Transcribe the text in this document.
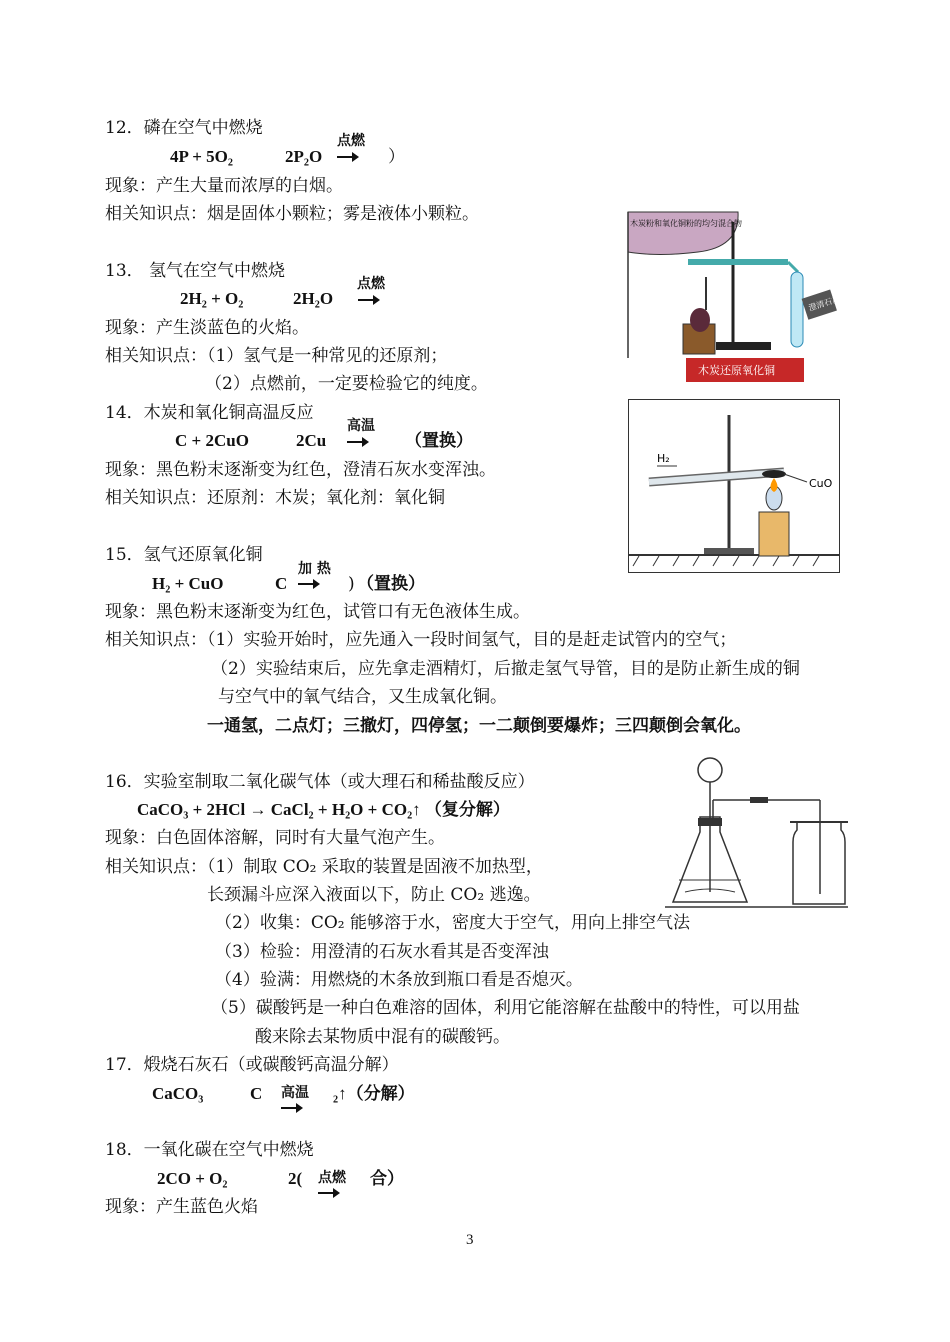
12．磷在空气中燃烧
4P + 5O₂	2P₂O
点燃
）
现象：产生大量而浓厚的白烟。
相关知识点：烟是固体小颗粒；雾是液体小颗粒。
13． 氢气在空气中燃烧
2H₂ + O₂	2H₂O
点燃
现象：产生淡蓝色的火焰。
相关知识点：（1）氢气是一种常见的还原剂；
（2）点燃前，一定要检验它的纯度。
14．木炭和氧化铜高温反应
C + 2CuO	2Cu
高温
（置换）
现象：黑色粉末逐渐变为红色，澄清石灰水变浑浊。
相关知识点：还原剂：木炭；氧化剂：氧化铜
15．氢气还原氧化铜
H₂ + CuO	C
加 热
) （置换）
现象：黑色粉末逐渐变为红色，试管口有无色液体生成。
相关知识点：（1）实验开始时，应先通入一段时间氢气，目的是赶走试管内的空气；
（2）实验结束后，应先拿走酒精灯，后撤走氢气导管，目的是防止新生成的铜
与空气中的氧气结合，又生成氧化铜。
一通氢，二点灯；三撤灯，四停氢；一二颠倒要爆炸；三四颠倒会氧化。
16．实验室制取二氧化碳气体（或大理石和稀盐酸反应）
CaCO₃ + 2HCl → CaCl₂ + H₂O + CO₂↑ （复分解）
现象：白色固体溶解，同时有大量气泡产生。
相关知识点：（1）制取 CO₂ 采取的装置是固液不加热型，
长颈漏斗应深入液面以下，防止 CO₂ 逃逸。
（2）收集：CO₂ 能够溶于水，密度大于空气，用向上排空气法
（3）检验：用澄清的石灰水看其是否变浑浊
（4）验满：用燃烧的木条放到瓶口看是否熄灭。
（5）碳酸钙是一种白色难溶的固体，利用它能溶解在盐酸中的特性，可以用盐
酸来除去某物质中混有的碳酸钙。
17．煅烧石灰石（或碳酸钙高温分解）
CaCO₃	C 高温 ₂↑（分解）
18．一氧化碳在空气中燃烧
2CO + O₂	2( 点燃 合）
现象：产生蓝色火焰
木炭粉和氧化铜粉的均匀混合物
澄清石灰水
木炭还原氧化铜
H₂
CuO
3
